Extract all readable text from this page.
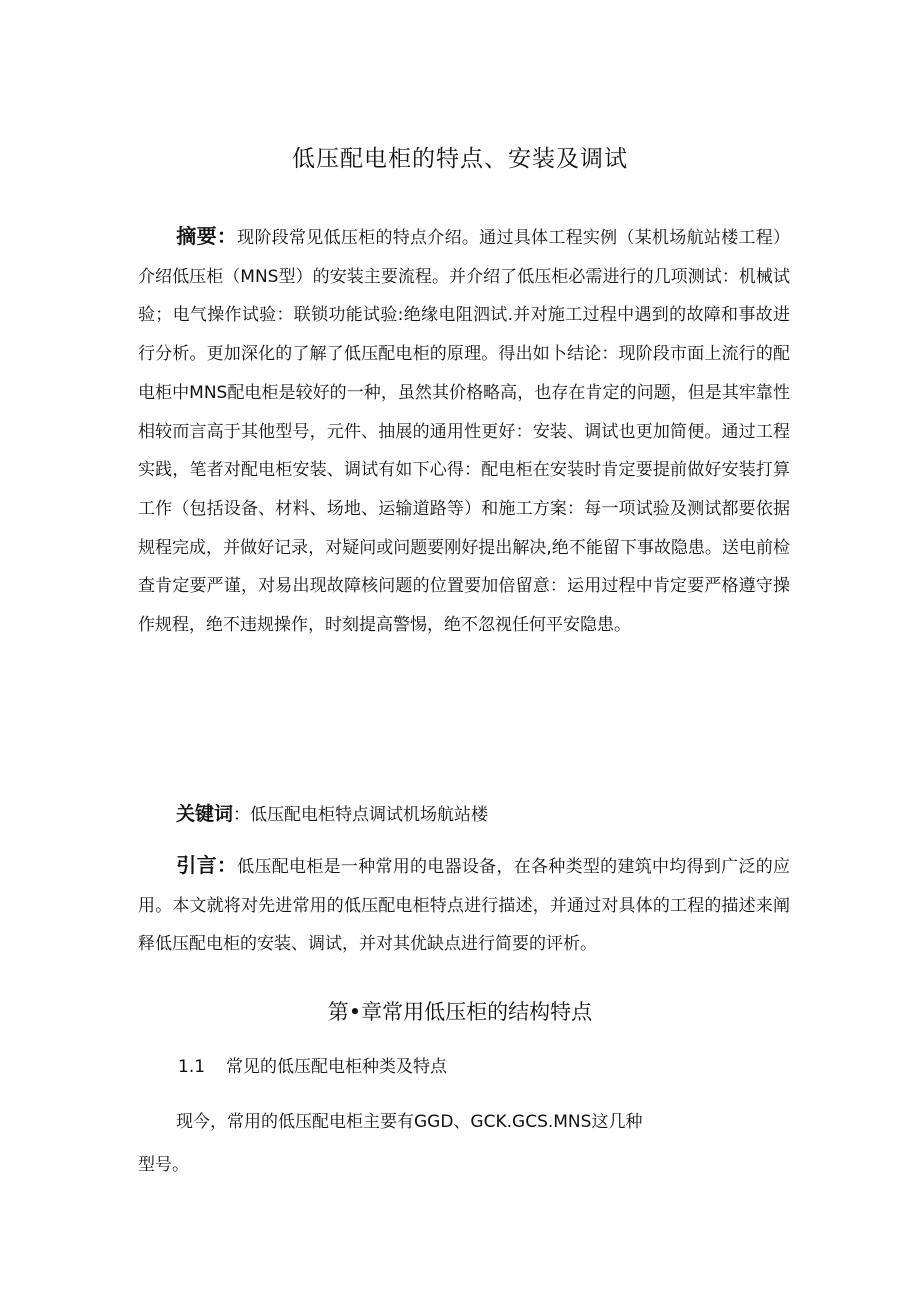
低压配电柜的特点、安装及调试

摘要：现阶段常见低压柜的特点介绍。通过具体工程实例（某机场航站楼工程）介绍低压柜（MNS型）的安装主要流程。并介绍了低压柜必需进行的几项测试：机械试验；电气操作试验：联锁功能试验:绝缘电阻泗试.并对施工过程中遇到的故障和事故进行分析。更加深化的了解了低压配电柜的原理。得出如卜结论：现阶段市面上流行的配电柜中MNS配电柜是较好的一种，虽然其价格略高，也存在肯定的问题，但是其牢靠性相较而言高于其他型号，元件、抽展的通用性更好：安装、调试也更加简便。通过工程实践，笔者对配电柜安装、调试有如下心得：配电柜在安装时肯定要提前做好安装打算工作（包括设备、材料、场地、运输道路等）和施工方案：每一项试验及测试都要依据规程完成，并做好记录，对疑问或问题要刚好提出解决,绝不能留下事故隐患。送电前检查肯定要严谨，对易出现故障核问题的位置要加倍留意：运用过程中肯定要严格遵守操作规程，绝不违规操作，时刻提高警惕，绝不忽视任何平安隐患。

关键词：低压配电柜特点调试机场航站楼

引言：低压配电柜是一种常用的电器设备，在各种类型的建筑中均得到广泛的应用。本文就将对先进常用的低压配电柜特点进行描述，并通过对具体的工程的描述来阐释低压配电柜的安装、调试，并对其优缺点进行简要的评析。

第•章常用低压柜的结构特点
1.1 常见的低压配电柜种类及特点

现今，常用的低压配电柜主要有GGD、GCK.GCS.MNS这几种
型号。
